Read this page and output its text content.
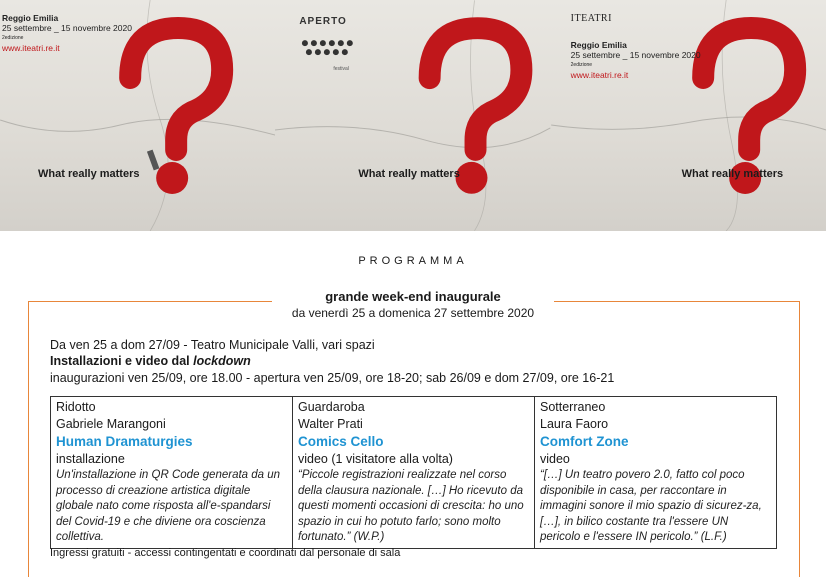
Reggio Emilia
25 settembre _ 15 novembre 2020
2edizione
www.iteatri.re.it
What really matters
APERTO
festival
What really matters
ITEATRI
Reggio Emilia
25 settembre _ 15 novembre 2020
2edizione
www.iteatri.re.it
What really matters
PROGRAMMA
grande week-end inaugurale
da venerdì 25 a domenica 27 settembre 2020
Da ven 25 a dom 27/09 - Teatro Municipale Valli, vari spazi
Installazioni e video dal lockdown
inaugurazioni ven 25/09, ore 18.00 - apertura ven 25/09, ore 18-20; sab 26/09 e dom 27/09, ore 16-21
Ridotto
Gabriele Marangoni
Human Dramaturgies
installazione
Un'installazione in QR Code generata da un processo di creazione artistica digitale globale nato come risposta all'e-spandarsi del Covid-19 e che diviene ora coscienza collettiva.

Guardaroba
Walter Prati
Comics Cello
video (1 visitatore alla volta)
“Piccole registrazioni realizzate nel corso della clausura nazionale. […] Ho ricevuto da questi momenti occasioni di crescita: ho uno spazio in cui ho potuto farlo; sono molto fortunato.” (W.P.)

Sotterraneo
Laura Faoro
Comfort Zone
video
“[…] Un teatro povero 2.0, fatto col poco disponibile in casa, per raccontare in immagini sonore il mio spazio di sicurez-za, […], in bilico costante tra l'essere UN pericolo e l'essere IN pericolo.” (L.F.)
Ingressi gratuiti - accessi contingentati e coordinati dal personale di sala
